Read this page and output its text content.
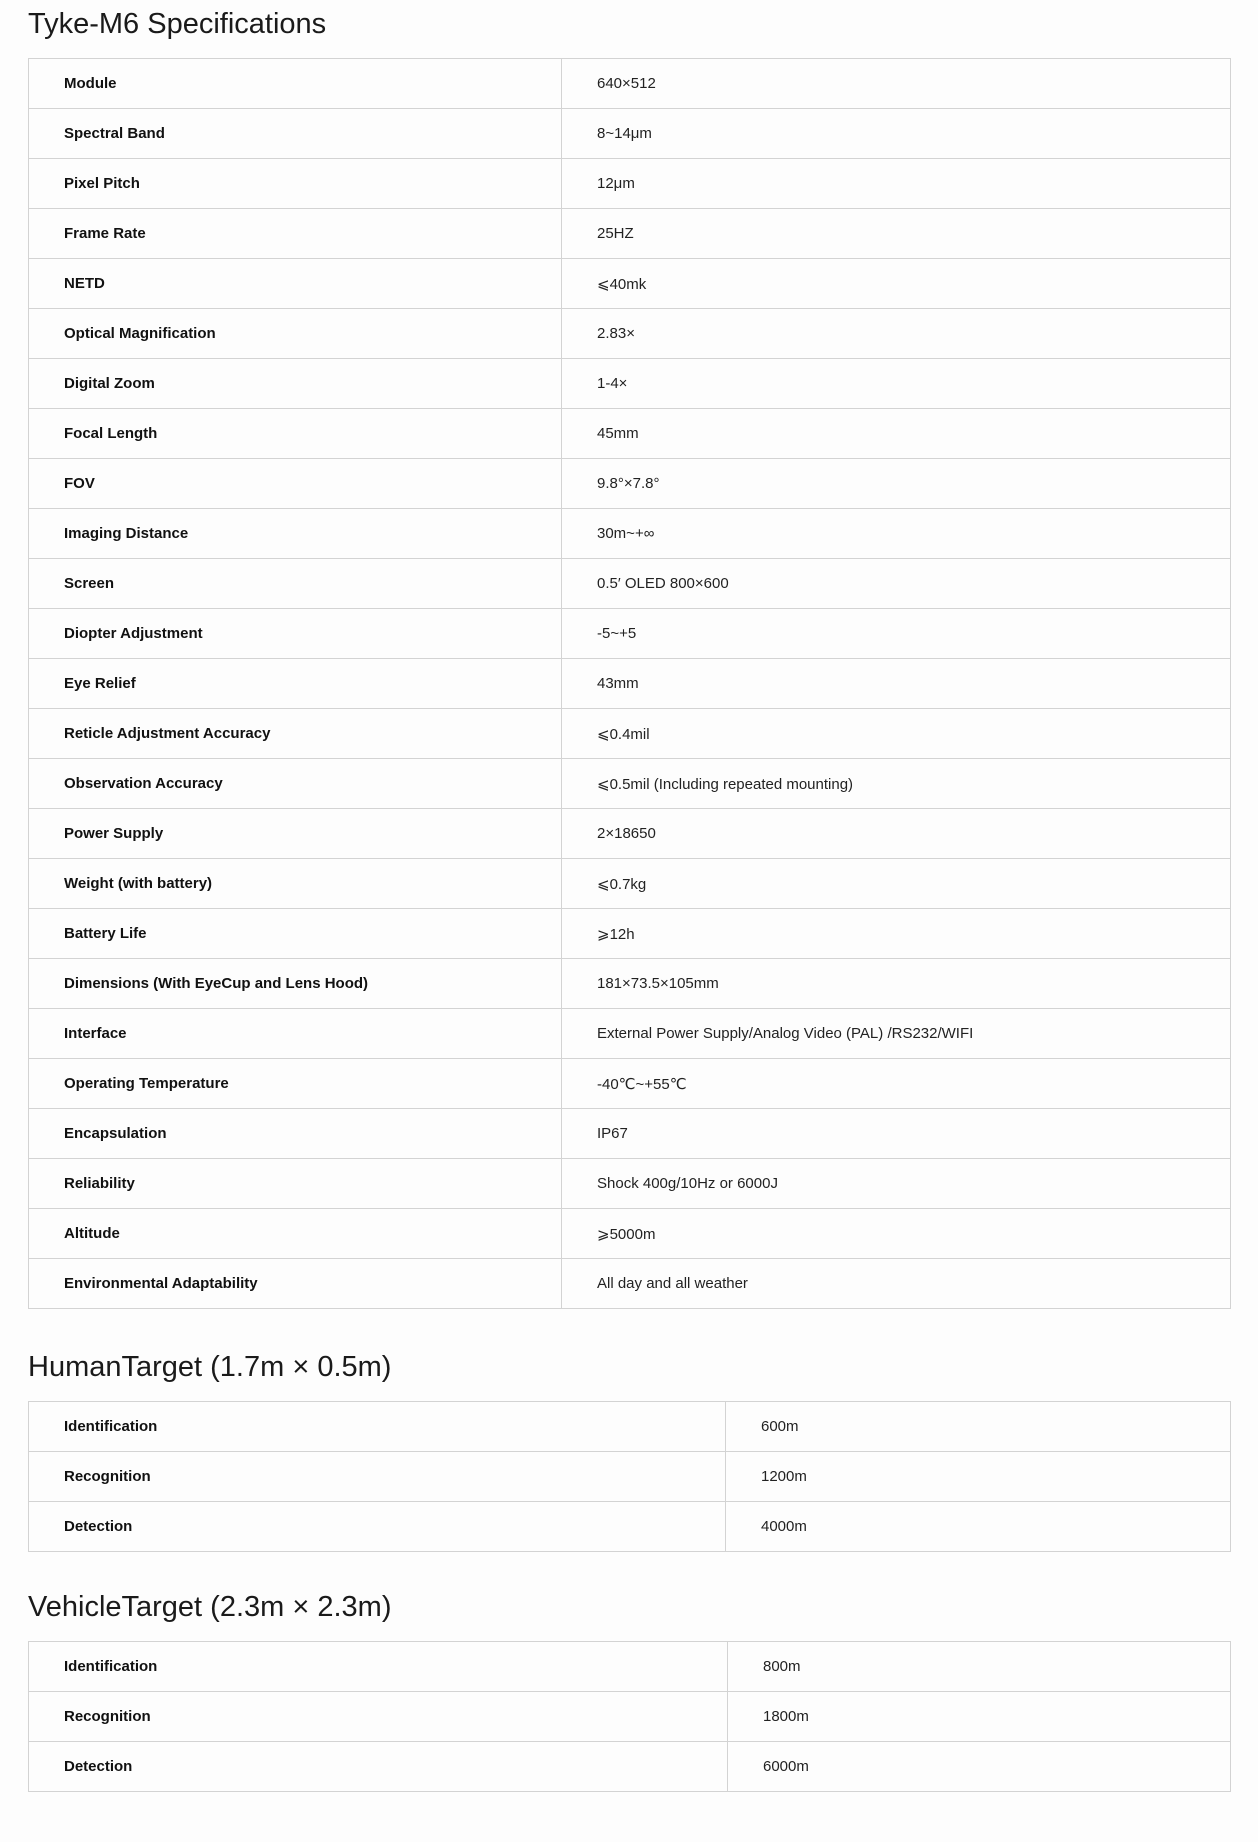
Tyke-M6 Specifications
Module	640×512
Spectral Band	8~14μm
Pixel Pitch	12μm
Frame Rate	25HZ
NETD	⩽40mk
Optical Magnification	2.83×
Digital Zoom	1-4×
Focal Length	45mm
FOV	9.8°×7.8°
Imaging Distance	30m~+∞
Screen	0.5′ OLED 800×600
Diopter Adjustment	-5~+5
Eye Relief	43mm
Reticle Adjustment Accuracy	⩽0.4mil
Observation Accuracy	⩽0.5mil (Including repeated mounting)
Power Supply	2×18650
Weight (with battery)	⩽0.7kg
Battery Life	⩾12h
Dimensions (With EyeCup and Lens Hood)	181×73.5×105mm
Interface	External Power Supply/Analog Video (PAL) /RS232/WIFI
Operating Temperature	-40℃~+55℃
Encapsulation	IP67
Reliability	Shock 400g/10Hz or 6000J
Altitude	⩾5000m
Environmental Adaptability	All day and all weather
HumanTarget (1.7m × 0.5m)
Identification	600m
Recognition	1200m
Detection	4000m
VehicleTarget (2.3m × 2.3m)
Identification	800m
Recognition	1800m
Detection	6000m
